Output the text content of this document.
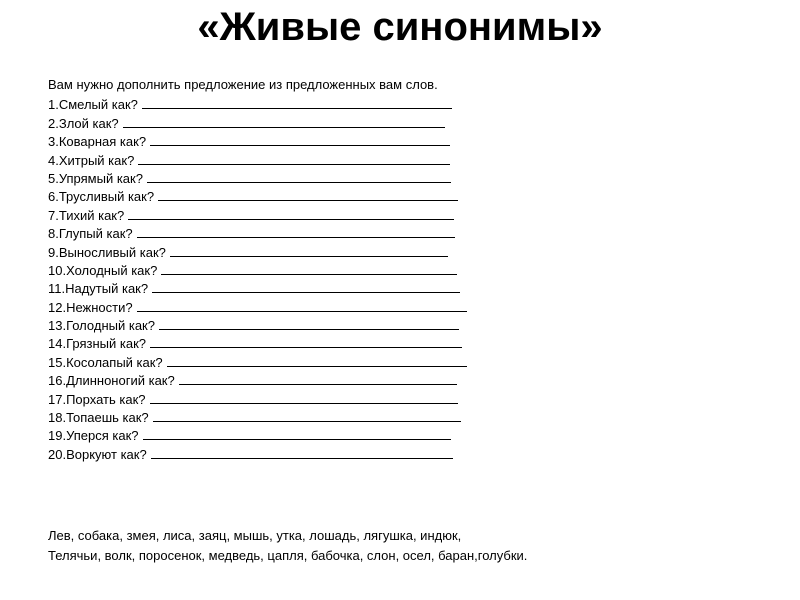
«Живые синонимы»
Вам нужно дополнить предложение из предложенных вам слов.
1.Смелый как?
2.Злой как?
3.Коварная как?
4.Хитрый как?
5.Упрямый как?
6.Трусливый как?
7.Тихий как?
8.Глупый как?
9.Выносливый как?
10.Холодный как?
11.Надутый как?
12.Нежности?
13.Голодный как?
14.Грязный как?
15.Косолапый как?
16.Длинноногий как?
17.Порхать как?
18.Топаешь как?
19.Уперся как?
20.Воркуют как?
Лев, собака, змея, лиса, заяц, мышь, утка, лошадь, лягушка, индюк,
Телячьи, волк, поросенок, медведь, цапля, бабочка, слон, осел, баран,голубки.
